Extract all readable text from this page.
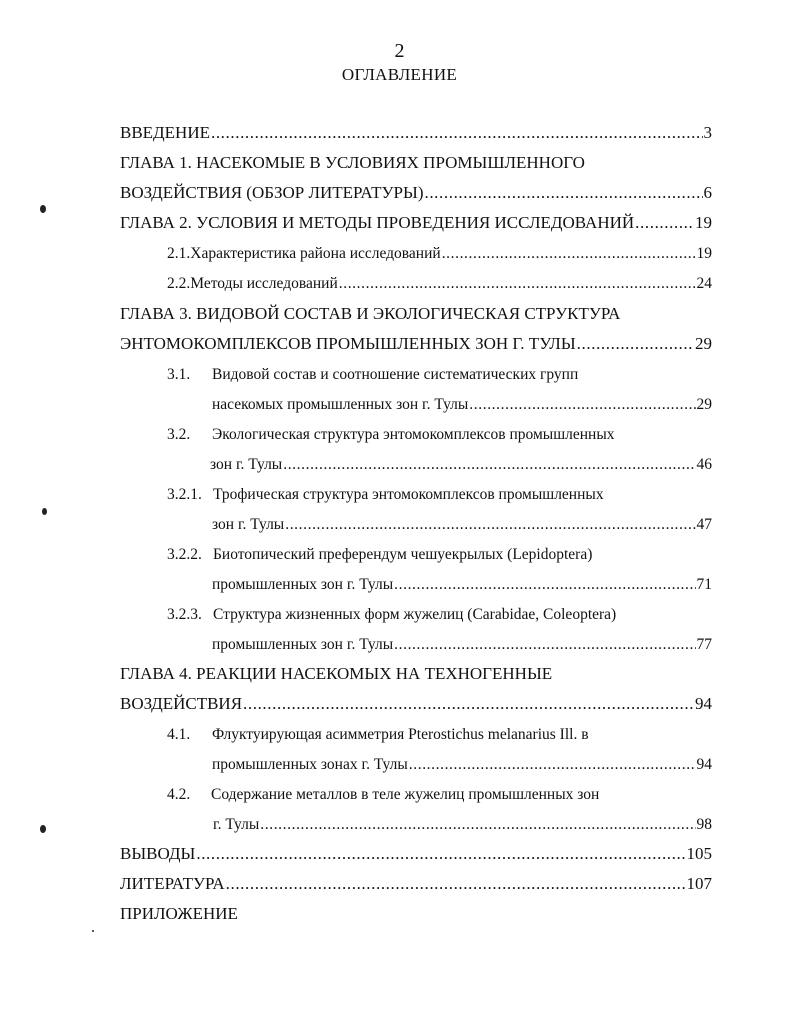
2
ОГЛАВЛЕНИЕ
ВВЕДЕНИЕ .....	3
ГЛАВА 1. НАСЕКОМЫЕ В УСЛОВИЯХ ПРОМЫШЛЕННОГО
ВОЗДЕЙСТВИЯ (ОБЗОР ЛИТЕРАТУРЫ) .....	6
ГЛАВА 2. УСЛОВИЯ И МЕТОДЫ ПРОВЕДЕНИЯ ИССЛЕДОВАНИЙ .....	19
2.1. Характеристика района исследований .....	19
2.2. Методы исследований .....	24
ГЛАВА 3. ВИДОВОЙ СОСТАВ И ЭКОЛОГИЧЕСКАЯ СТРУКТУРА
ЭНТОМОКОМПЛЕКСОВ ПРОМЫШЛЕННЫХ ЗОН Г. ТУЛЫ .....	29
3.1.	Видовой состав и соотношение систематических групп
насекомых промышленных зон г. Тулы .....	29
3.2.	Экологическая структура энтомокомплексов промышленных
зон г. Тулы .....	46
3.2.1. Трофическая структура энтомокомплексов промышленных
зон г. Тулы .....	47
3.2.2. Биотопический преферендум чешуекрылых (Lepidoptera)
промышленных зон г. Тулы .....	71
3.2.3. Структура жизненных форм жужелиц (Carabidae, Coleoptera)
промышленных зон г. Тулы .....	77
ГЛАВА 4. РЕАКЦИИ НАСЕКОМЫХ НА ТЕХНОГЕННЫЕ
ВОЗДЕЙСТВИЯ .....	94
4.1.	Флуктуирующая асимметрия Pterostichus melanarius Ill. в
промышленных зонах г. Тулы .....	94
4.2.	Содержание металлов в теле жужелиц промышленных зон
г. Тулы .....	98
ВЫВОДЫ .....	105
ЛИТЕРАТУРА .....	107
ПРИЛОЖЕНИЕ
